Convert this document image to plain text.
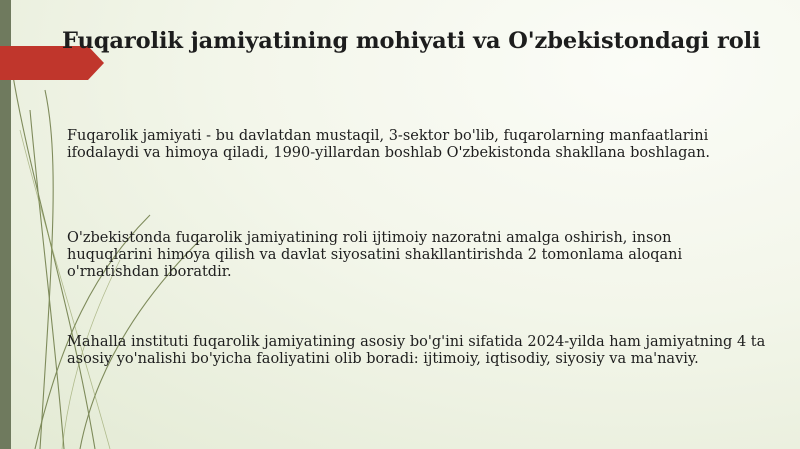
Fuqarolik jamiyatining mohiyati va O'zbekistondagi roli

Fuqarolik jamiyati - bu davlatdan mustaqil, 3-sektor bo'lib, fuqarolarning manfaatlarini ifodalaydi va himoya qiladi, 1990-yillardan boshlab O'zbekistonda shakllana boshlagan.

O'zbekistonda fuqarolik jamiyatining roli ijtimoiy nazoratni amalga oshirish, inson huquqlarini himoya qilish va davlat siyosatini shakllantirishda 2 tomonlama aloqani o'rnatishdan iboratdir.

Mahalla instituti fuqarolik jamiyatining asosiy bo'g'ini sifatida 2024-yilda ham jamiyatning 4 ta asosiy yo'nalishi bo'yicha faoliyatini olib boradi: ijtimoiy, iqtisodiy, siyosiy va ma'naviy.
